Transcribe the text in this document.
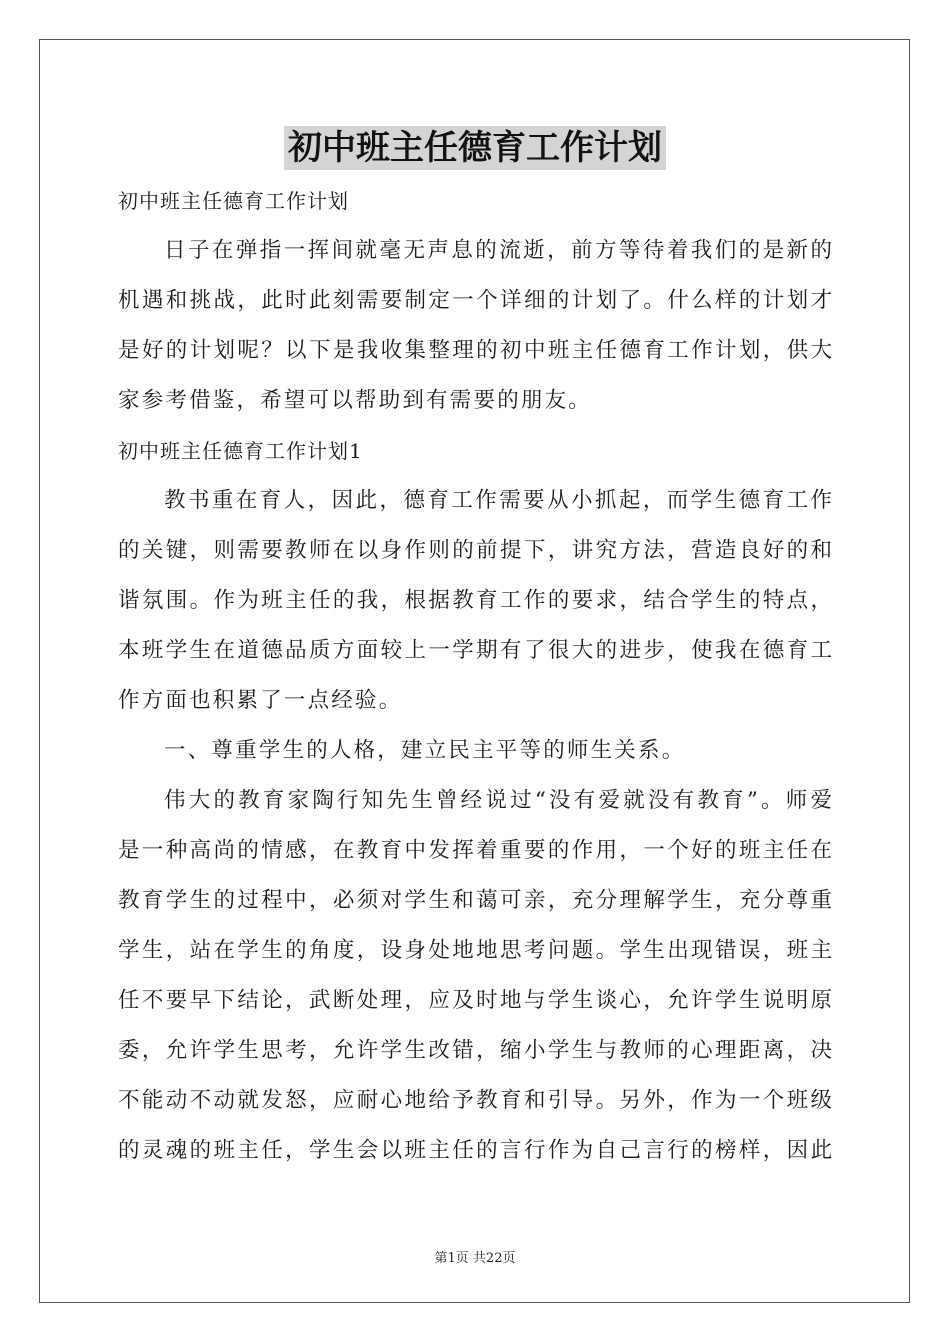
初中班主任德育工作计划
初中班主任德育工作计划
日子在弹指一挥间就毫无声息的流逝，前方等待着我们的是新的
机遇和挑战，此时此刻需要制定一个详细的计划了。什么样的计划才
是好的计划呢？以下是我收集整理的初中班主任德育工作计划，供大
家参考借鉴，希望可以帮助到有需要的朋友。
初中班主任德育工作计划1
教书重在育人，因此，德育工作需要从小抓起，而学生德育工作
的关键，则需要教师在以身作则的前提下，讲究方法，营造良好的和
谐氛围。作为班主任的我，根据教育工作的要求，结合学生的特点，
本班学生在道德品质方面较上一学期有了很大的进步，使我在德育工
作方面也积累了一点经验。
一、尊重学生的人格，建立民主平等的师生关系。
伟大的教育家陶行知先生曾经说过“没有爱就没有教育”。师爱
是一种高尚的情感，在教育中发挥着重要的作用，一个好的班主任在
教育学生的过程中，必须对学生和蔼可亲，充分理解学生，充分尊重
学生，站在学生的角度，设身处地地思考问题。学生出现错误，班主
任不要早下结论，武断处理，应及时地与学生谈心，允许学生说明原
委，允许学生思考，允许学生改错，缩小学生与教师的心理距离，决
不能动不动就发怒，应耐心地给予教育和引导。另外，作为一个班级
的灵魂的班主任，学生会以班主任的言行作为自己言行的榜样，因此
第1页 共22页
